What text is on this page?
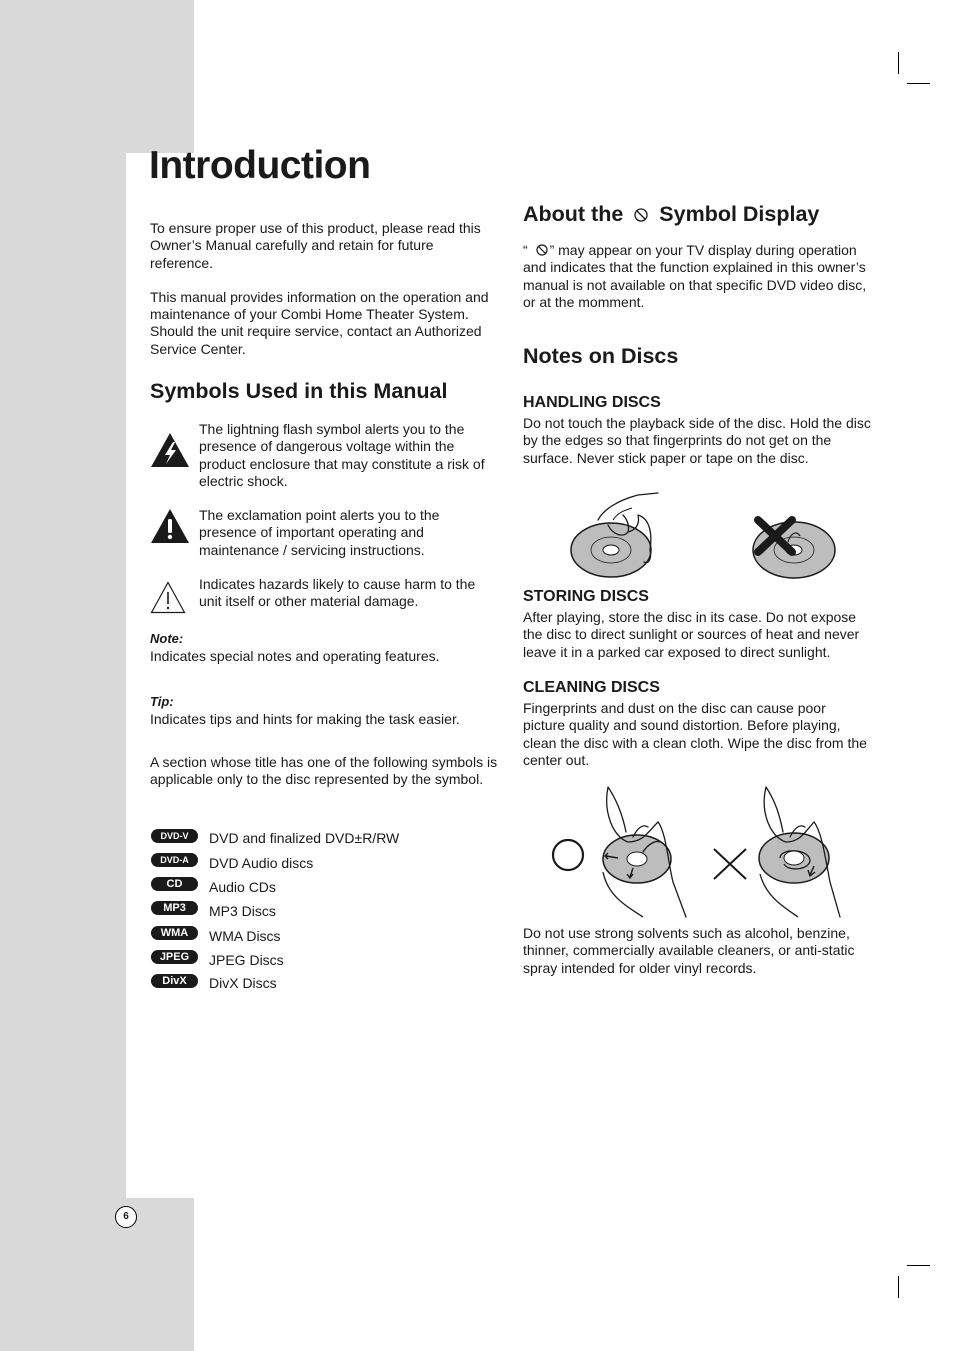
6
Introduction

To ensure proper use of this product, please read this Owner’s Manual carefully and retain for future reference.

This manual provides information on the operation and maintenance of your Combi Home Theater System. Should the unit require service, contact an Authorized Service Center.

Symbols Used in this Manual
The lightning flash symbol alerts you to the presence of dangerous voltage within the product enclosure that may constitute a risk of electric shock.
The exclamation point alerts you to the presence of important operating and maintenance / servicing instructions.
Indicates hazards likely to cause harm to the unit itself or other material damage.
Note:

Indicates special notes and operating features.

Tip:

Indicates tips and hints for making the task easier.

A section whose title has one of the following symbols is applicable only to the disc represented by the symbol.

DVD-V	DVD and finalized DVD±R/RW
DVD-A	DVD Audio discs
CD	Audio CDs
MP3	MP3 Discs
WMA	WMA Discs
JPEG	JPEG Discs
DivX	DivX Discs
About the Symbol Display

“ ” may appear on your TV display during operation and indicates that the function explained in this owner’s manual is not available on that specific DVD video disc, or at the momment.

Notes on Discs
HANDLING DISCS

Do not touch the playback side of the disc. Hold the disc by the edges so that fingerprints do not get on the surface. Never stick paper or tape on the disc.

STORING DISCS

After playing, store the disc in its case. Do not expose the disc to direct sunlight or sources of heat and never leave it in a parked car exposed to direct sunlight.

CLEANING DISCS

Fingerprints and dust on the disc can cause poor picture quality and sound distortion. Before playing, clean the disc with a clean cloth. Wipe the disc from the center out.

Do not use strong solvents such as alcohol, benzine, thinner, commercially available cleaners, or anti-static spray intended for older vinyl records.
